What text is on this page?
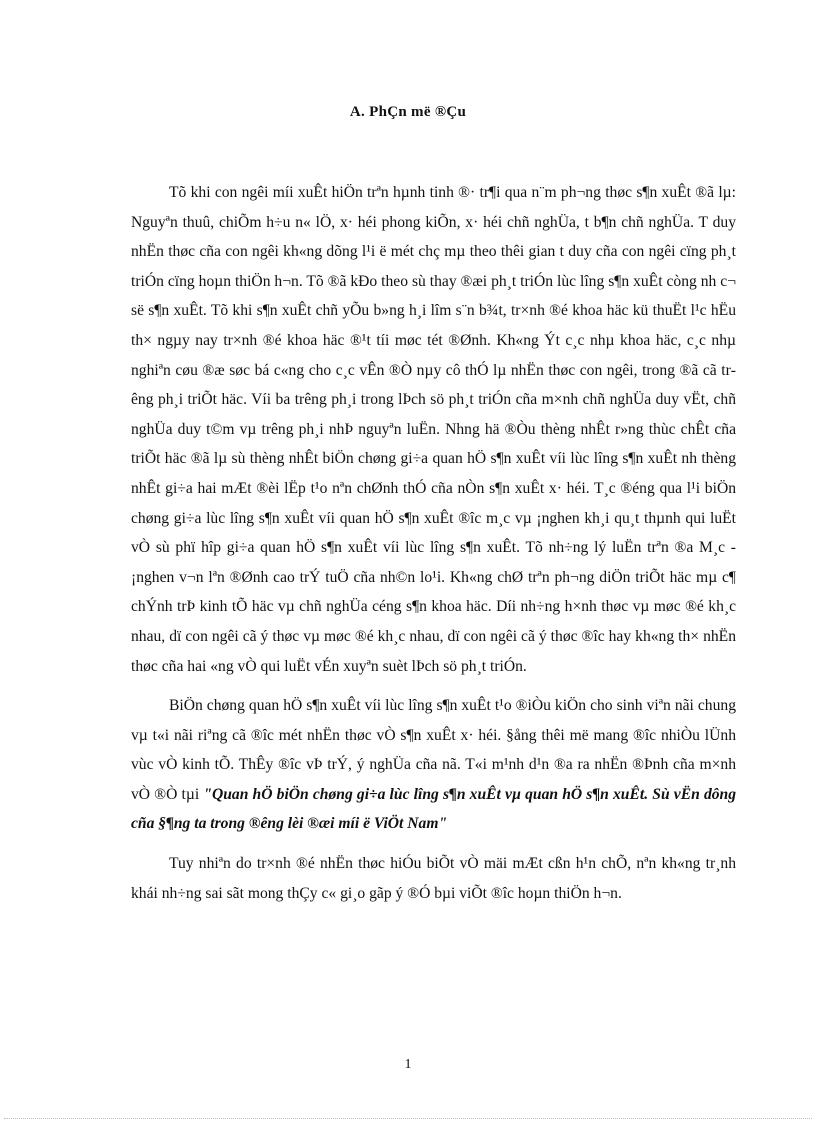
A. PhÇn më ®Çu

Tõ khi con ngêi míi xuÊt hiÖn trªn hµnh tinh ®· tr¶i qua n¨m ph¬ng thøc s¶n xuÊt ®ã lµ: Nguyªn thuû, chiÕm h÷u n« lÖ, x· héi phong kiÕn, x· héi chñ nghÜa, t b¶n chñ nghÜa. T duy nhËn thøc cña con ngêi kh«ng dõng l¹i ë mét chç mµ theo thêi gian t duy cña con ngêi cïng ph¸t triÓn cïng hoµn thiÖn h¬n. Tõ ®ã kÐo theo sù thay ®æi ph¸t triÓn lùc lîng s¶n xuÊt còng nh c¬ së s¶n xuÊt. Tõ khi s¶n xuÊt chñ yÕu b»ng h¸i lîm s¨n b¾t, tr×nh ®é khoa häc kü thuËt l¹c hËu th× ngµy nay tr×nh ®é khoa häc ®¹t tíi møc tét ®Ønh. Kh«ng Ýt c¸c nhµ khoa häc, c¸c nhµ nghiªn cøu ®æ søc bá c«ng cho c¸c vÊn ®Ò nµy cô thÓ lµ nhËn thøc con ngêi, trong ®ã cã trêng ph¸i triÕt häc. Víi ba trêng ph¸i trong lÞch sö ph¸t triÓn cña m×nh chñ nghÜa duy vËt, chñ nghÜa duy t©m vµ trêng ph¸i nhÞ nguyªn luËn. Nhng hä ®Òu thèng nhÊt r»ng thùc chÊt cña triÕt häc ®ã lµ sù thèng nhÊt biÖn chøng gi÷a quan hÖ s¶n xuÊt víi lùc lîng s¶n xuÊt nh thèng nhÊt gi÷a hai mÆt ®èi lËp t¹o nªn chØnh thÓ cña nÒn s¶n xuÊt x· héi. T¸c ®éng qua l¹i biÖn chøng gi÷a lùc lîng s¶n xuÊt víi quan hÖ s¶n xuÊt ®îc m¸c vµ ¡nghen kh¸i qu¸t thµnh qui luËt vÒ sù phï hîp gi÷a quan hÖ s¶n xuÊt víi lùc lîng s¶n xuÊt. Tõ nh÷ng lý luËn trªn ®a M¸c - ¡nghen v¬n lªn ®Ønh cao trÝ tuÖ cña nh©n lo¹i. Kh«ng chØ trªn ph¬ng diÖn triÕt häc mµ c¶ chÝnh trÞ kinh tÕ häc vµ chñ nghÜa céng s¶n khoa häc. Díi nh÷ng h×nh thøc vµ møc ®é kh¸c nhau, dï con ngêi cã ý thøc vµ møc ®é kh¸c nhau, dï con ngêi cã ý thøc ®îc hay kh«ng th× nhËn thøc cña hai «ng vÒ qui luËt vÉn xuyªn suèt lÞch sö ph¸t triÓn.

BiÖn chøng quan hÖ s¶n xuÊt víi lùc lîng s¶n xuÊt t¹o ®iÒu kiÖn cho sinh viªn nãi chung vµ t«i nãi riªng cã ®îc mét nhËn thøc vÒ s¶n xuÊt x· héi. §ång thêi më mang ®îc nhiÒu lÜnh vùc vÒ kinh tÕ. ThÊy ®îc vÞ trÝ, ý nghÜa cña nã. T«i m¹nh d¹n ®a ra nhËn ®Þnh cña m×nh vÒ ®Ò tµi "Quan hÖ biÖn chøng gi÷a lùc lîng s¶n xuÊt vµ quan hÖ s¶n xuÊt. Sù vËn dông cña §¶ng ta trong ®êng lèi ®æi míi ë ViÖt Nam"

Tuy nhiªn do tr×nh ®é nhËn thøc hiÓu biÕt vÒ mäi mÆt cßn h¹n chÕ, nªn kh«ng tr¸nh khái nh÷ng sai sãt mong thÇy c« gi¸o gãp ý ®Ó bµi viÕt ®îc hoµn thiÖn h¬n.

1
